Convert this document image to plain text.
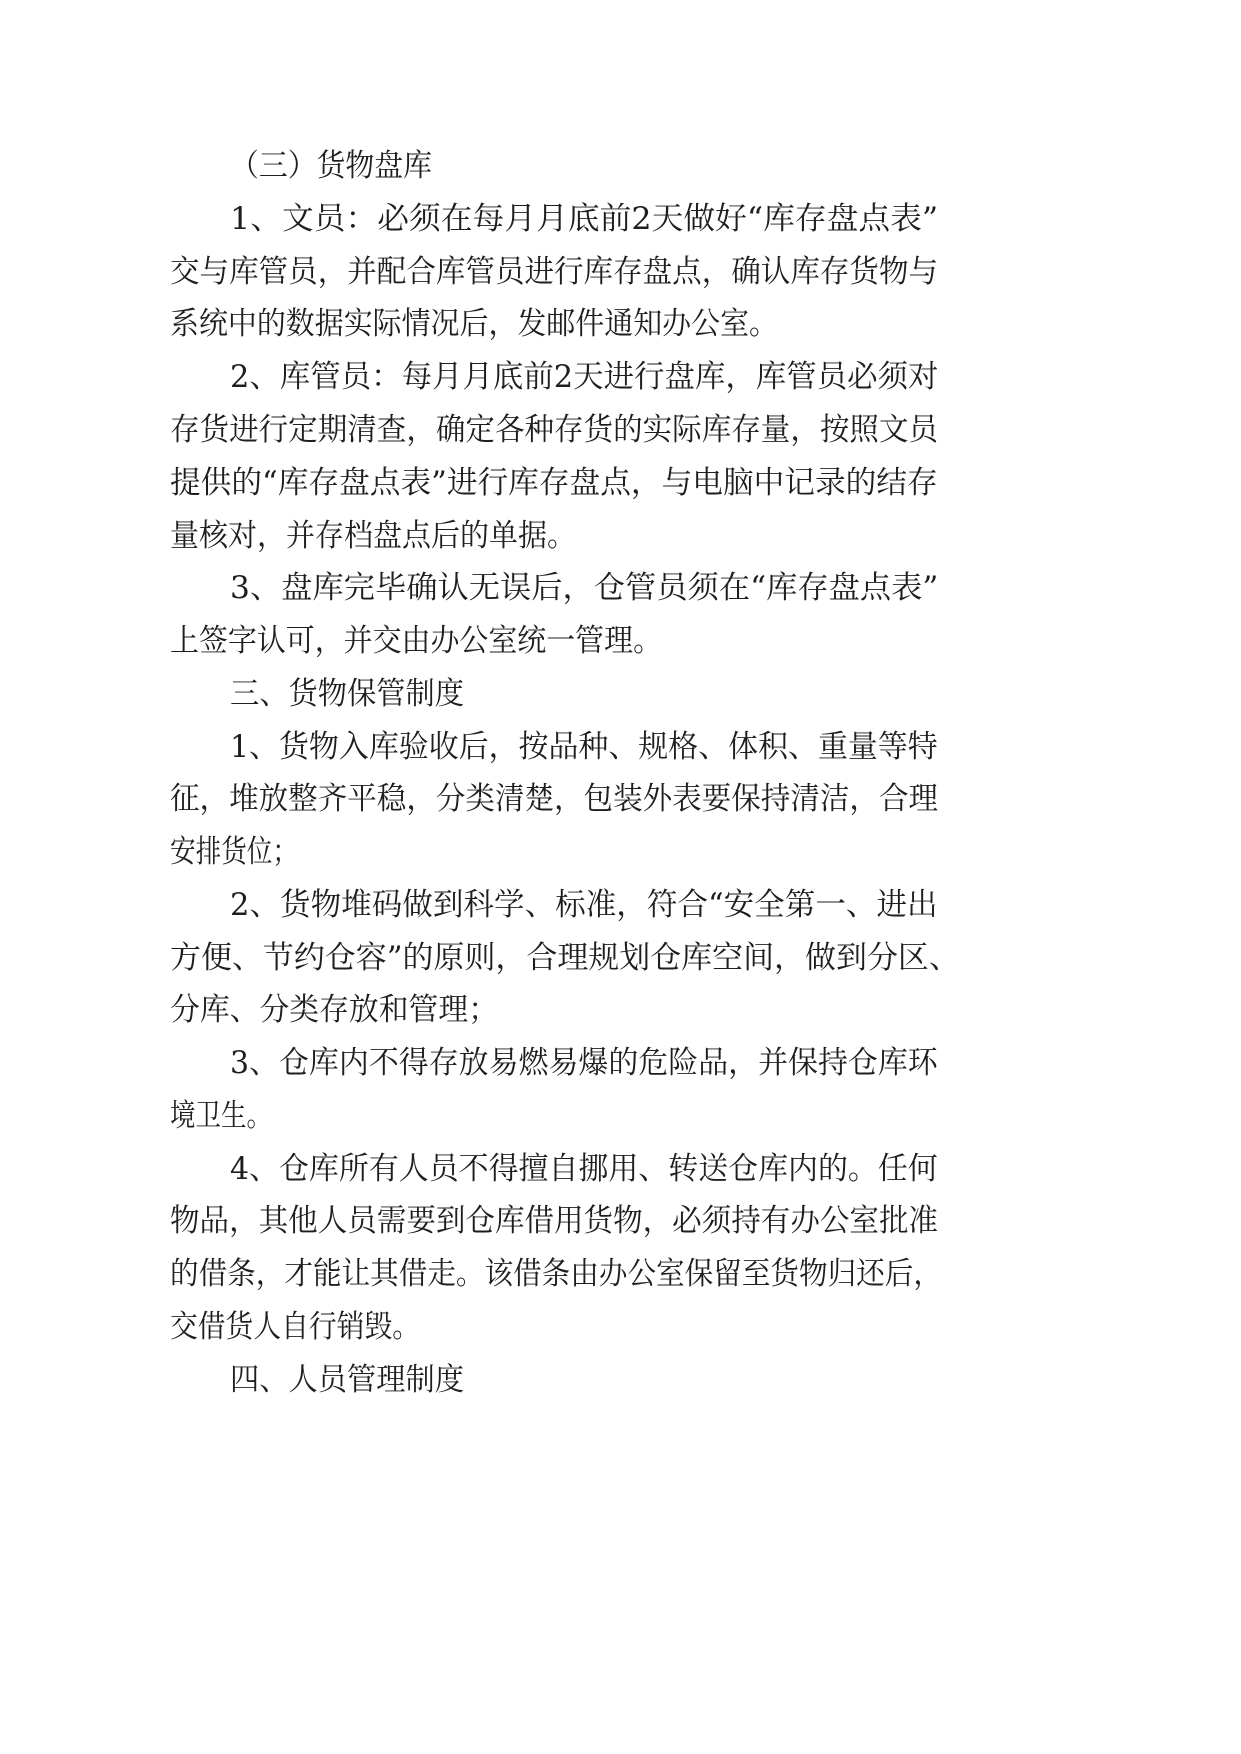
（三）货物盘库
1、文员：必须在每月月底前2天做好“库存盘点表”
交与库管员，并配合库管员进行库存盘点，确认库存货物与
系统中的数据实际情况后，发邮件通知办公室。
2、库管员：每月月底前2天进行盘库，库管员必须对
存货进行定期清查，确定各种存货的实际库存量，按照文员
提供的“库存盘点表”进行库存盘点，与电脑中记录的结存
量核对，并存档盘点后的单据。
3、盘库完毕确认无误后，仓管员须在“库存盘点表”
上签字认可，并交由办公室统一管理。
三、货物保管制度
1、货物入库验收后，按品种、规格、体积、重量等特
征，堆放整齐平稳，分类清楚，包装外表要保持清洁，合理
安排货位；
2、货物堆码做到科学、标准，符合“安全第一、进出
方便、节约仓容”的原则，合理规划仓库空间，做到分区、
分库、分类存放和管理；
3、仓库内不得存放易燃易爆的危险品，并保持仓库环
境卫生。
4、仓库所有人员不得擅自挪用、转送仓库内的。任何
物品，其他人员需要到仓库借用货物，必须持有办公室批准
的借条，才能让其借走。该借条由办公室保留至货物归还后，
交借货人自行销毁。
四、人员管理制度
